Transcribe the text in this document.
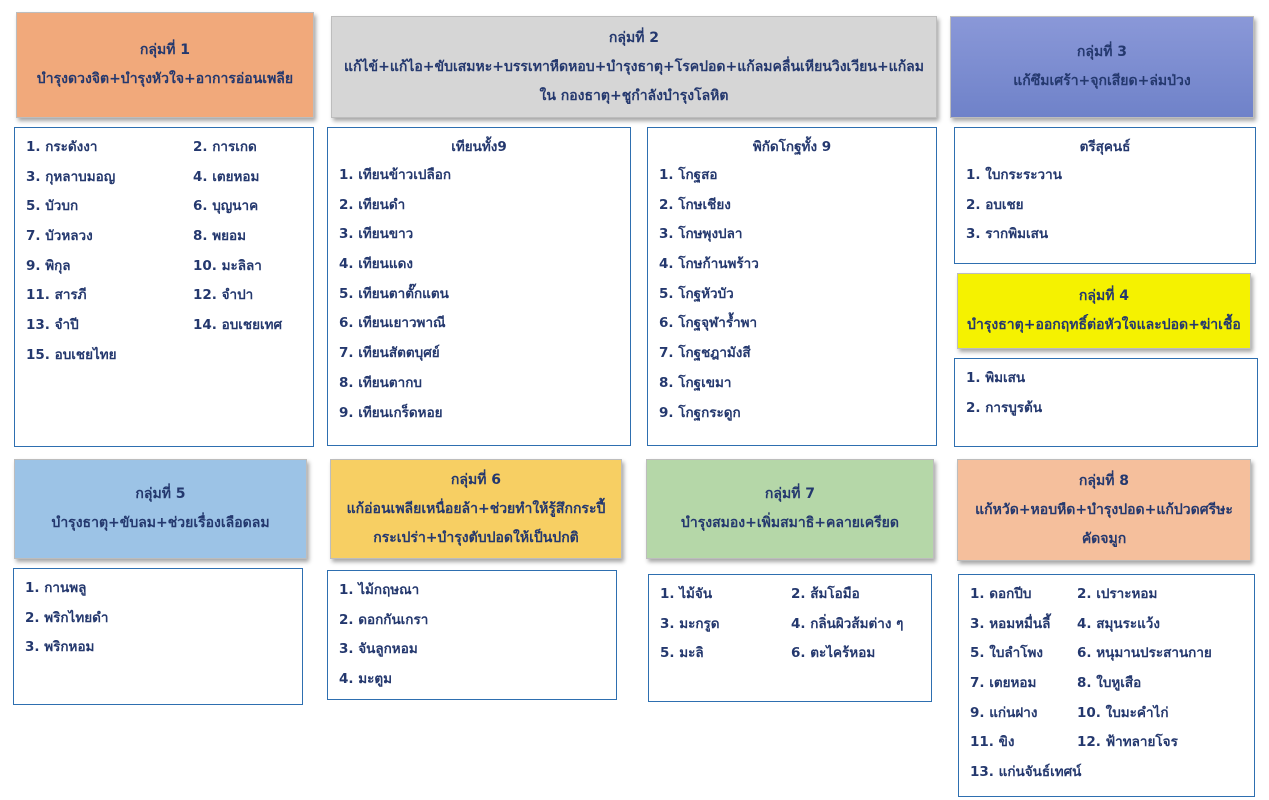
กลุ่มที่ 1
บำรุงดวงจิต+บำรุงหัวใจ+อาการอ่อนเพลีย
1. กระดังงา
3. กุหลาบมอญ
5. บัวบก
7. บัวหลวง
9. พิกุล
11. สารภี
13. จำปี
15. อบเชยไทย
2. การเกด
4. เตยหอม
6. บุญนาค
8. พยอม
10. มะลิลา
12. จำปา
14. อบเชยเทศ
กลุ่มที่ 2
แก้ไข้+แก้ไอ+ขับเสมหะ+บรรเทาหืดหอบ+บำรุงธาตุ+โรคปอด+แก้ลมคลื่นเหียนวิงเวียน+แก้ลม
ใน กองธาตุ+ชูกำลังบำรุงโลหิต
เทียนทั้ง9
1. เทียนข้าวเปลือก
2. เทียนดำ
3. เทียนขาว
4. เทียนแดง
5. เทียนตาตั๊กแตน
6. เทียนเยาวพาณี
7. เทียนสัตตบุศย์
8. เทียนตากบ
9. เทียนเกร็ดหอย
พิกัดโกฐทั้ง 9
1. โกฐสอ
2. โกษเชียง
3. โกษพุงปลา
4. โกษก้านพร้าว
5. โกฐหัวบัว
6. โกฐจุฬาร้ำพา
7. โกฐชฎามังสี
8. โกฐเขมา
9. โกฐกระดูก
กลุ่มที่ 3
แก้ซึมเศร้า+จุกเสียด+ล่มป่วง
ตรีสุคนธ์
1. ใบกระระวาน
2. อบเชย
3. รากพิมเสน
กลุ่มที่ 4
บำรุงธาตุ+ออกฤทธิ์ต่อหัวใจและปอด+ฆ่าเชื้อ
1. พิมเสน
2. การบูรต้น
กลุ่มที่ 5
บำรุงธาตุ+ขับลม+ช่วยเรื่องเลือดลม
1. กานพลู
2. พริกไทยดำ
3. พริกหอม
กลุ่มที่ 6
แก้อ่อนเพลียเหนื่อยล้า+ช่วยทำให้รู้สึกกระปี้
กระเปร่า+บำรุงตับปอดให้เป็นปกติ
1. ไม้กฤษณา
2. ดอกกันเกรา
3. จันลูกหอม
4. มะตูม
กลุ่มที่ 7
บำรุงสมอง+เพิ่มสมาธิ+คลายเครียด
1. ไม้จัน
3. มะกรูด
5. มะลิ
2. ส้มโอมือ
4. กลิ่นผิวส้มต่าง ๆ
6. ตะไคร้หอม
กลุ่มที่ 8
แก้หวัด+หอบหืด+บำรุงปอด+แก้ปวดศรีษะ
คัดจมูก
1. ดอกปีบ
3. หอมหมื่นลี้
5. ใบลำโพง
7. เตยหอม
9. แก่นฝาง
11. ขิง
13. แก่นจันธ์เทศน์
2. เปราะหอม
4. สมุนระแว้ง
6. หนุมานประสานกาย
8. ใบหูเสือ
10. ใบมะคำไก่
12. ฟ้าทลายโจร
